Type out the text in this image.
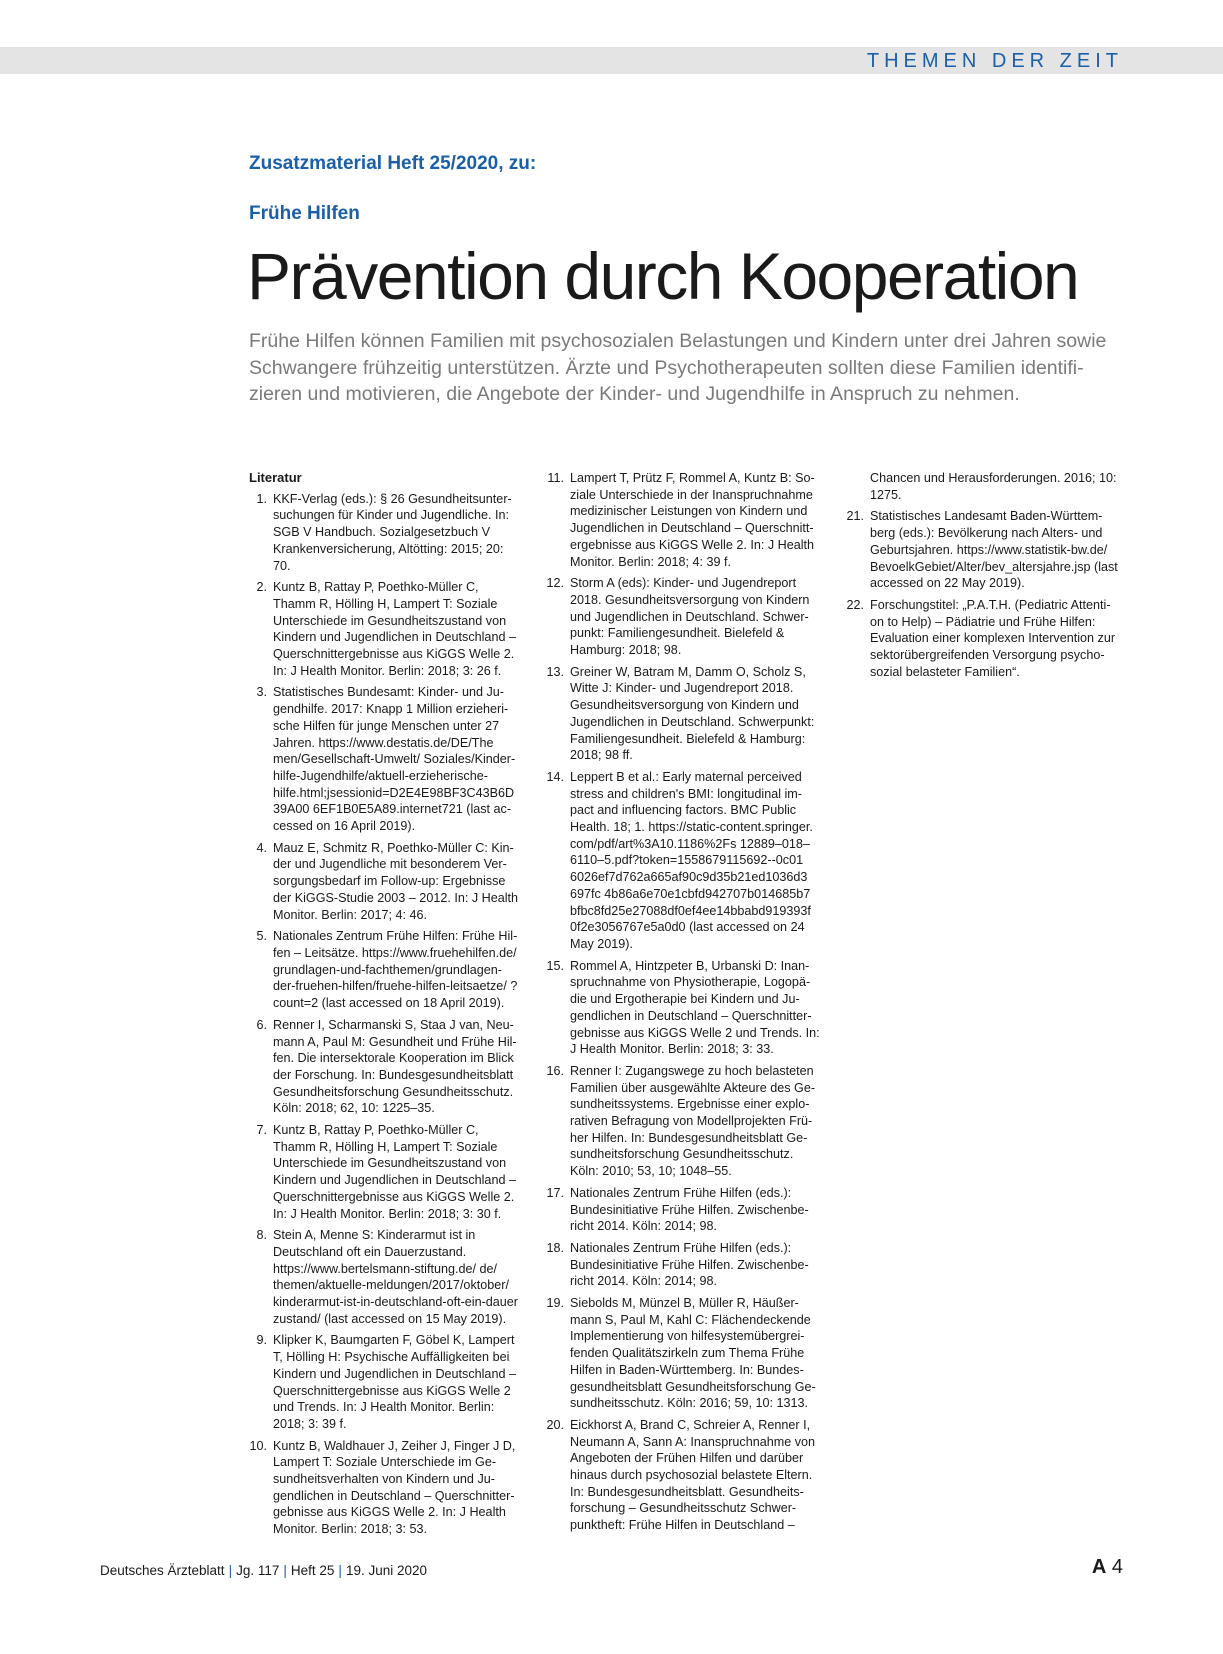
THEMEN DER ZEIT
Zusatzmaterial Heft 25/2020, zu:
Frühe Hilfen
Prävention durch Kooperation
Frühe Hilfen können Familien mit psychosozialen Belastungen und Kindern unter drei Jahren sowie Schwangere frühzeitig unterstützen. Ärzte und Psychotherapeuten sollten diese Familien identifi- zieren und motivieren, die Angebote der Kinder- und Jugendhilfe in Anspruch zu nehmen.
Literatur
1. KKF-Verlag (eds.): § 26 Gesundheitsunter- suchungen für Kinder und Jugendliche. In: SGB V Handbuch. Sozialgesetzbuch V Krankenversicherung, Altötting: 2015; 20: 70.
2. Kuntz B, Rattay P, Poethko-Müller C, Thamm R, Hölling H, Lampert T: Soziale Unterschiede im Gesundheitszustand von Kindern und Jugendlichen in Deutschland – Querschnittergebnisse aus KiGGS Welle 2. In: J Health Monitor. Berlin: 2018; 3: 26 f.
3. Statistisches Bundesamt: Kinder- und Ju- gendhilfe. 2017: Knapp 1 Million erzieheri- sche Hilfen für junge Menschen unter 27 Jahren. https://www.destatis.de/DE/The men/Gesellschaft-Umwelt/ Soziales/Kinder- hilfe-Jugendhilfe/aktuell-erzieherische- hilfe.html;jsessionid=D2E4E98BF3C43B6D 39A00 6EF1B0E5A89.internet721 (last ac- cessed on 16 April 2019).
4. Mauz E, Schmitz R, Poethko-Müller C: Kin- der und Jugendliche mit besonderem Ver- sorgungsbedarf im Follow-up: Ergebnisse der KiGGS-Studie 2003 – 2012. In: J Health Monitor. Berlin: 2017; 4: 46.
5. Nationales Zentrum Frühe Hilfen: Frühe Hil- fen – Leitsätze. https://www.fruehehilfen.de/ grundlagen-und-fachthemen/grundlagen- der-fruehen-hilfen/fruehe-hilfen-leitsaetze/ ?count=2 (last accessed on 18 April 2019).
6. Renner I, Scharmanski S, Staa J van, Neu- mann A, Paul M: Gesundheit und Frühe Hil- fen. Die intersektorale Kooperation im Blick der Forschung. In: Bundesgesundheitsblatt Gesundheitsforschung Gesundheitsschutz. Köln: 2018; 62, 10: 1225–35.
7. Kuntz B, Rattay P, Poethko-Müller C, Thamm R, Hölling H, Lampert T: Soziale Unterschiede im Gesundheitszustand von Kindern und Jugendlichen in Deutschland – Querschnittergebnisse aus KiGGS Welle 2. In: J Health Monitor. Berlin: 2018; 3: 30 f.
8. Stein A, Menne S: Kinderarmut ist in Deutschland oft ein Dauerzustand. https://www.bertelsmann-stiftung.de/ de/ themen/aktuelle-meldungen/2017/oktober/ kinderarmut-ist-in-deutschland-oft-ein-dauer zustand/ (last accessed on 15 May 2019).
9. Klipker K, Baumgarten F, Göbel K, Lampert T, Hölling H: Psychische Auffälligkeiten bei Kindern und Jugendlichen in Deutschland – Querschnittergebnisse aus KiGGS Welle 2 und Trends. In: J Health Monitor. Berlin: 2018; 3: 39 f.
10. Kuntz B, Waldhauer J, Zeiher J, Finger J D, Lampert T: Soziale Unterschiede im Ge- sundheitsverhalten von Kindern und Ju- gendlichen in Deutschland – Querschnitter- gebnisse aus KiGGS Welle 2. In: J Health Monitor. Berlin: 2018; 3: 53.
11. Lampert T, Prütz F, Rommel A, Kuntz B: So- ziale Unterschiede in der Inanspruchnahme medizinischer Leistungen von Kindern und Jugendlichen in Deutschland – Querschnitt- ergebnisse aus KiGGS Welle 2. In: J Health Monitor. Berlin: 2018; 4: 39 f.
12. Storm A (eds): Kinder- und Jugendreport 2018. Gesundheitsversorgung von Kindern und Jugendlichen in Deutschland. Schwer- punkt: Familiengesundheit. Bielefeld & Hamburg: 2018; 98.
13. Greiner W, Batram M, Damm O, Scholz S, Witte J: Kinder- und Jugendreport 2018. Gesundheitsversorgung von Kindern und Jugendlichen in Deutschland. Schwerpunkt: Familiengesundheit. Bielefeld & Hamburg: 2018; 98 ff.
14. Leppert B et al.: Early maternal perceived stress and children's BMI: longitudinal im- pact and influencing factors. BMC Public Health. 18; 1. https://static-content.springer. com/pdf/art%3A10.1186%2Fs 12889–018– 6110–5.pdf?token=1558679115692--0c01 6026ef7d762a665af90c9d35b21ed1036d3 697fc 4b86a6e70e1cbfd942707b014685b7 bfbc8fd25e27088df0ef4ee14bbabd919393f 0f2e3056767e5a0d0 (last accessed on 24 May 2019).
15. Rommel A, Hintzpeter B, Urbanski D: Inan- spruchnahme von Physiotherapie, Logopä- die und Ergotherapie bei Kindern und Ju- gendlichen in Deutschland – Querschnitter- gebnisse aus KiGGS Welle 2 und Trends. In: J Health Monitor. Berlin: 2018; 3: 33.
16. Renner I: Zugangswege zu hoch belasteten Familien über ausgewählte Akteure des Ge- sundheitssystems. Ergebnisse einer explo- rativen Befragung von Modellprojekten Frü- her Hilfen. In: Bundesgesundheitsblatt Ge- sundheitsforschung Gesundheitsschutz. Köln: 2010; 53, 10; 1048–55.
17. Nationales Zentrum Frühe Hilfen (eds.): Bundesinitiative Frühe Hilfen. Zwischenbe- richt 2014. Köln: 2014; 98.
18. Nationales Zentrum Frühe Hilfen (eds.): Bundesinitiative Frühe Hilfen. Zwischenbe- richt 2014. Köln: 2014; 98.
19. Siebolds M, Münzel B, Müller R, Häußer- mann S, Paul M, Kahl C: Flächendeckende Implementierung von hilfesystemübergrei- fenden Qualitätszirkeln zum Thema Frühe Hilfen in Baden-Württemberg. In: Bundes- gesundheitsblatt Gesundheitsforschung Ge- sundheitsschutz. Köln: 2016; 59, 10: 1313.
20. Eickhorst A, Brand C, Schreier A, Renner I, Neumann A, Sann A: Inanspruchnahme von Angeboten der Frühen Hilfen und darüber hinaus durch psychosozial belastete Eltern. In: Bundesgesundheitsblatt. Gesundheits- forschung – Gesundheitsschutz Schwer- punktheft: Frühe Hilfen in Deutschland –
Chancen und Herausforderungen. 2016; 10: 1275.
21. Statistisches Landesamt Baden-Württem- berg (eds.): Bevölkerung nach Alters- und Geburtsjahren. https://www.statistik-bw.de/ BevoelkGebiet/Alter/bev_altersjahre.jsp (last accessed on 22 May 2019).
22. Forschungstitel: „P.A.T.H. (Pediatric Attenti- on to Help) – Pädiatrie und Frühe Hilfen: Evaluation einer komplexen Intervention zur sektorübergreifenden Versorgung psycho- sozial belasteter Familien“.
Deutsches Ärzteblatt | Jg. 117 | Heft 25 | 19. Juni 2020	A 4
